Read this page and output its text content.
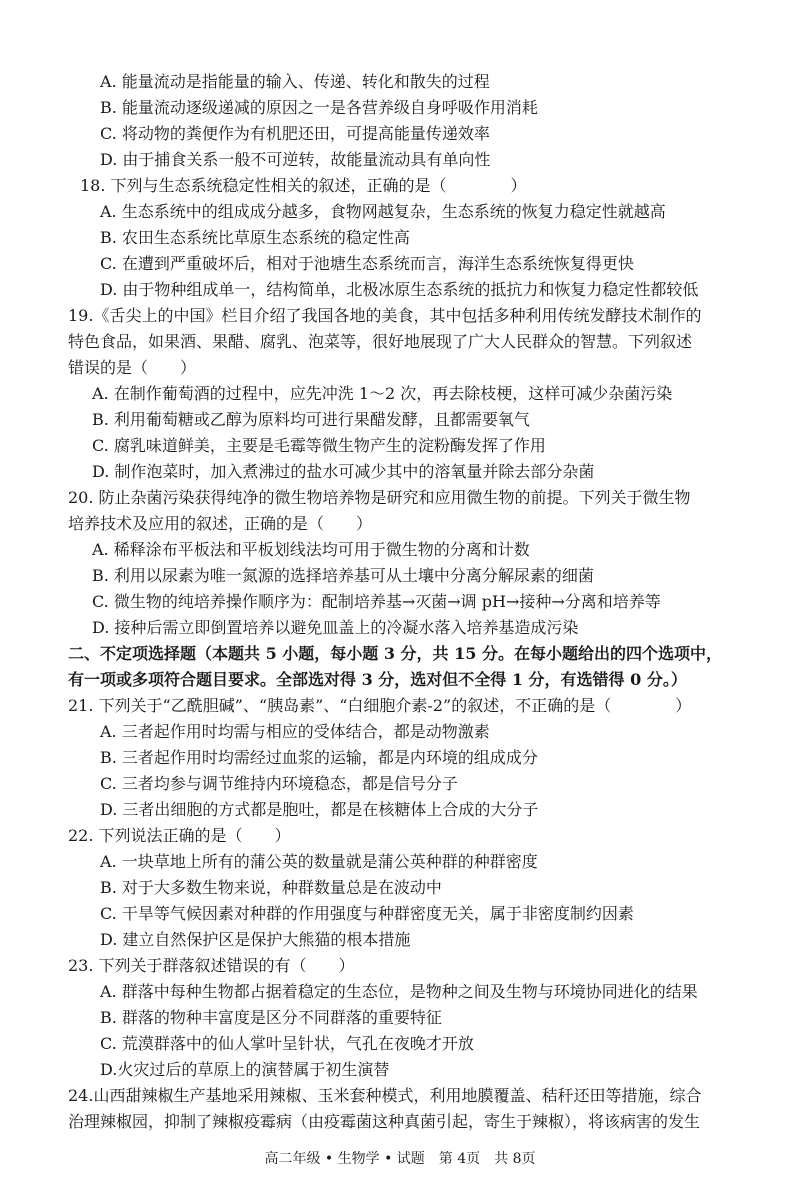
A. 能量流动是指能量的输入、传递、转化和散失的过程
B. 能量流动逐级递减的原因之一是各营养级自身呼吸作用消耗
C. 将动物的粪便作为有机肥还田，可提高能量传递效率
D. 由于捕食关系一般不可逆转，故能量流动具有单向性
18. 下列与生态系统稳定性相关的叙述，正确的是（　　　　）
A. 生态系统中的组成成分越多，食物网越复杂，生态系统的恢复力稳定性就越高
B. 农田生态系统比草原生态系统的稳定性高
C. 在遭到严重破坏后，相对于池塘生态系统而言，海洋生态系统恢复得更快
D. 由于物种组成单一，结构简单，北极冰原生态系统的抵抗力和恢复力稳定性都较低
19.《舌尖上的中国》栏目介绍了我国各地的美食，其中包括多种利用传统发酵技术制作的
特色食品，如果酒、果醋、腐乳、泡菜等，很好地展现了广大人民群众的智慧。下列叙述
错误的是（　　）
A. 在制作葡萄酒的过程中，应先冲洗 1～2 次，再去除枝梗，这样可减少杂菌污染
B. 利用葡萄糖或乙醇为原料均可进行果醋发酵，且都需要氧气
C. 腐乳味道鲜美，主要是毛霉等微生物产生的淀粉酶发挥了作用
D. 制作泡菜时，加入煮沸过的盐水可减少其中的溶氧量并除去部分杂菌
20. 防止杂菌污染获得纯净的微生物培养物是研究和应用微生物的前提。下列关于微生物
培养技术及应用的叙述，正确的是（　　）
A. 稀释涂布平板法和平板划线法均可用于微生物的分离和计数
B. 利用以尿素为唯一氮源的选择培养基可从土壤中分离分解尿素的细菌
C. 微生物的纯培养操作顺序为：配制培养基→灭菌→调 pH→接种→分离和培养等
D. 接种后需立即倒置培养以避免皿盖上的冷凝水落入培养基造成污染
二、不定项选择题（本题共 5 小题，每小题 3 分，共 15 分。在每小题给出的四个选项中，
有一项或多项符合题目要求。全部选对得 3 分，选对但不全得 1 分，有选错得 0 分。）
21. 下列关于“乙酰胆碱”、“胰岛素”、“白细胞介素-2”的叙述，不正确的是（　　　　）
A. 三者起作用时均需与相应的受体结合，都是动物激素
B. 三者起作用时均需经过血浆的运输，都是内环境的组成成分
C. 三者均参与调节维持内环境稳态，都是信号分子
D. 三者出细胞的方式都是胞吐，都是在核糖体上合成的大分子
22. 下列说法正确的是（　　）
A. 一块草地上所有的蒲公英的数量就是蒲公英种群的种群密度
B. 对于大多数生物来说，种群数量总是在波动中
C. 干旱等气候因素对种群的作用强度与种群密度无关，属于非密度制约因素
D. 建立自然保护区是保护大熊猫的根本措施
23. 下列关于群落叙述错误的有（　　）
A. 群落中每种生物都占据着稳定的生态位，是物种之间及生物与环境协同进化的结果
B. 群落的物种丰富度是区分不同群落的重要特征
C. 荒漠群落中的仙人掌叶呈针状，气孔在夜晚才开放
D.火灾过后的草原上的演替属于初生演替
24.山西甜辣椒生产基地采用辣椒、玉米套种模式，利用地膜覆盖、秸秆还田等措施，综合
治理辣椒园，抑制了辣椒疫霉病（由疫霉菌这种真菌引起，寄生于辣椒），将该病害的发生
高二年级 • 生物学 • 试题　第 4页　共 8页
